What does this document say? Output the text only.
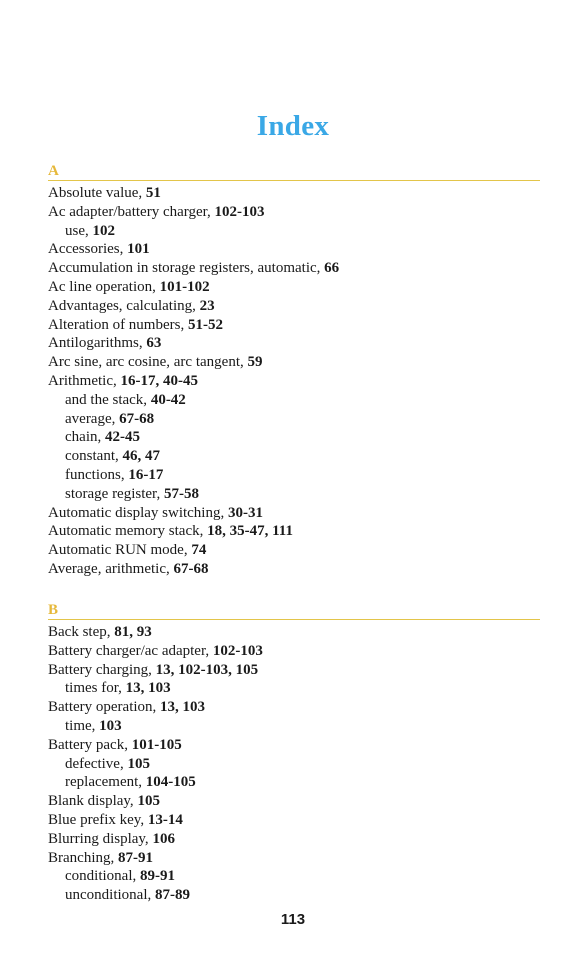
Index
A
Absolute value, 51
Ac adapter/battery charger, 102-103
use, 102
Accessories, 101
Accumulation in storage registers, automatic, 66
Ac line operation, 101-102
Advantages, calculating, 23
Alteration of numbers, 51-52
Antilogarithms, 63
Arc sine, arc cosine, arc tangent, 59
Arithmetic, 16-17, 40-45
and the stack, 40-42
average, 67-68
chain, 42-45
constant, 46, 47
functions, 16-17
storage register, 57-58
Automatic display switching, 30-31
Automatic memory stack, 18, 35-47, 111
Automatic RUN mode, 74
Average, arithmetic, 67-68
B
Back step, 81, 93
Battery charger/ac adapter, 102-103
Battery charging, 13, 102-103, 105
times for, 13, 103
Battery operation, 13, 103
time, 103
Battery pack, 101-105
defective, 105
replacement, 104-105
Blank display, 105
Blue prefix key, 13-14
Blurring display, 106
Branching, 87-91
conditional, 89-91
unconditional, 87-89
113
